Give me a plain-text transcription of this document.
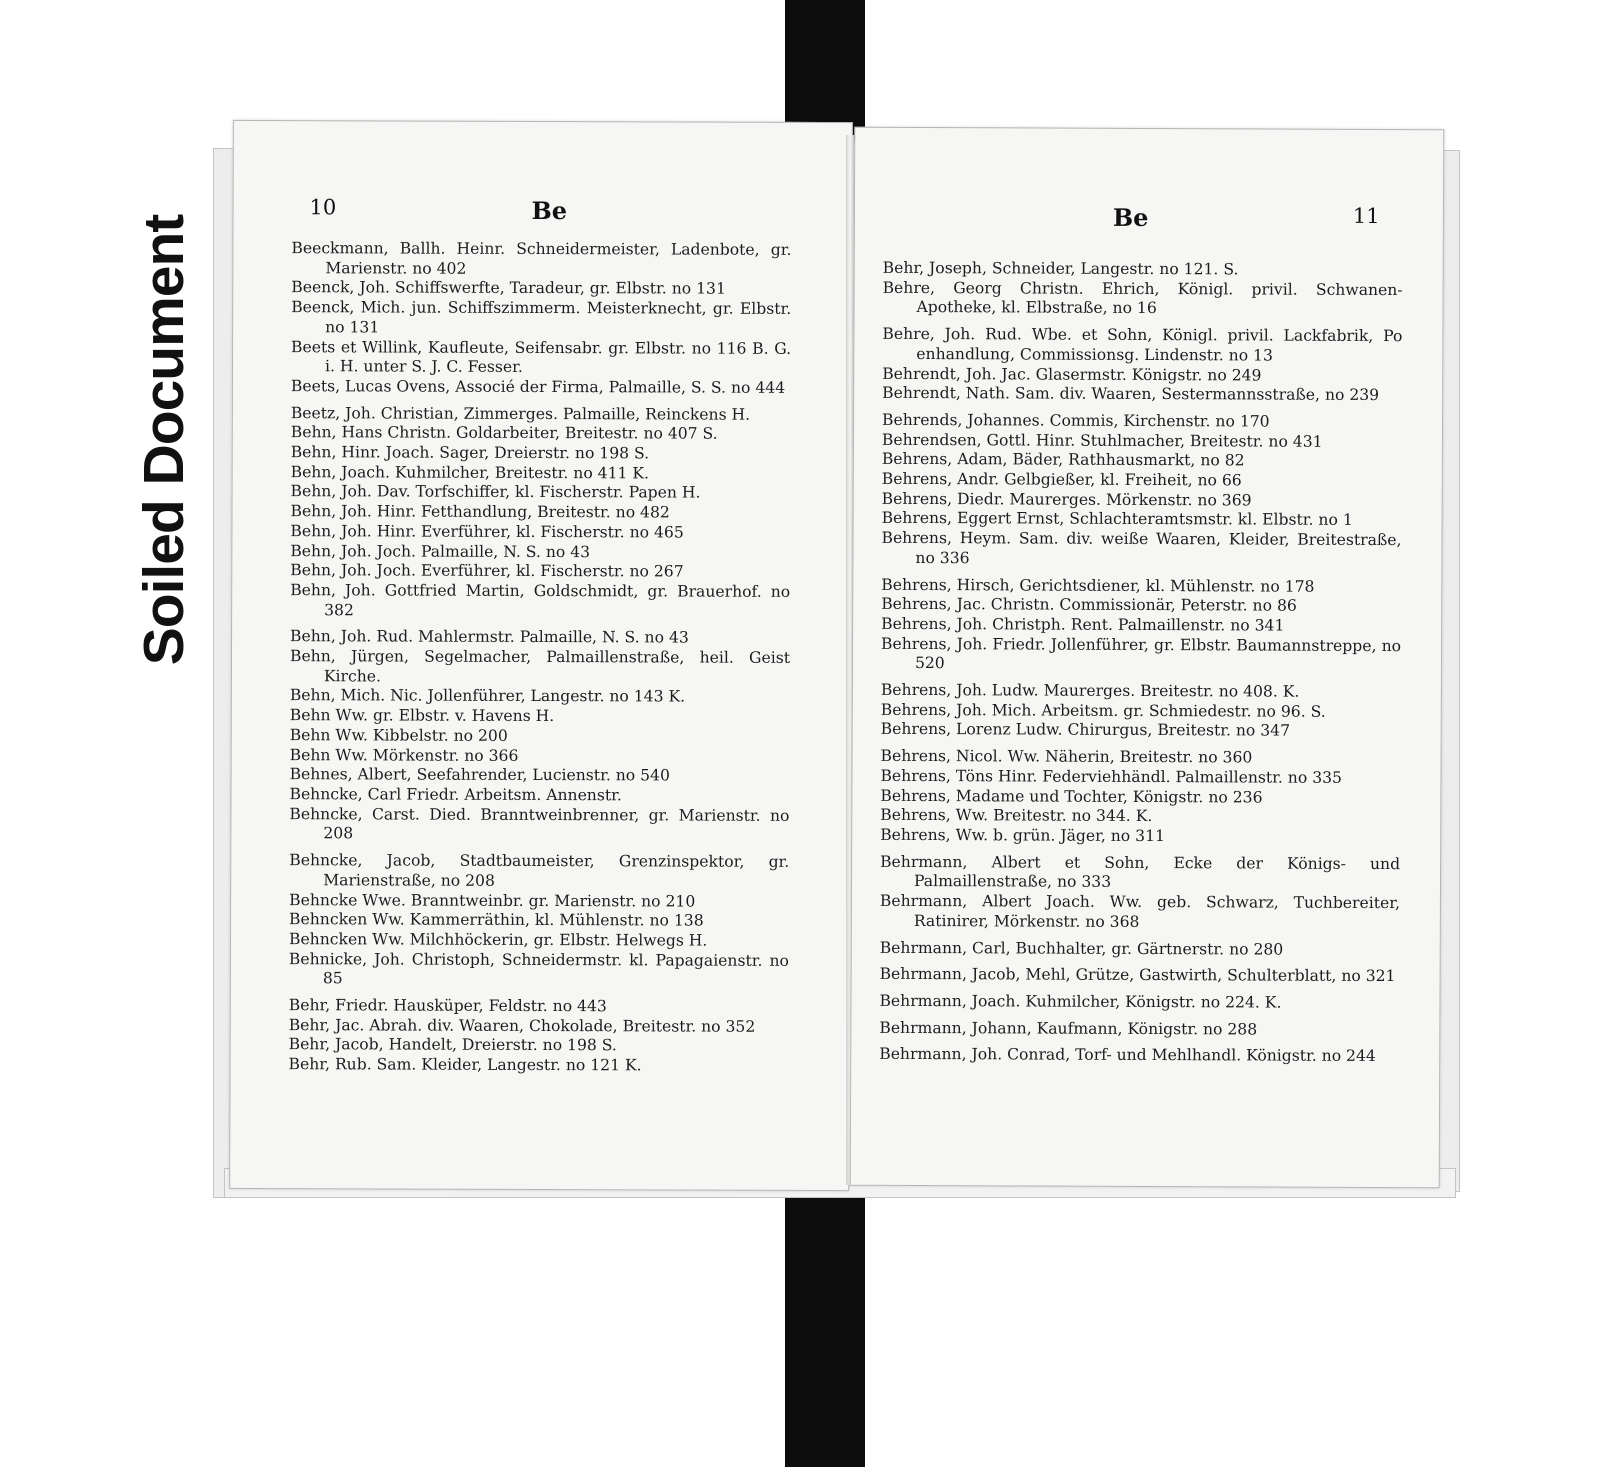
Soiled Document
10	Be
Beeckmann, Ballh. Heinr. Schneidermeister, Ladenbote, gr. Marienstr. no 402
Beenck, Joh. Schiffswerfte, Taradeur, gr. Elbstr. no 131
Beenck, Mich. jun. Schiffszimmerm. Meisterknecht, gr. Elbstr. no 131
Beets et Willink, Kaufleute, Seifensabr. gr. Elbstr. no 116 B. G. i. H. unter S. J. C. Fesser.
Beets, Lucas Ovens, Associé der Firma, Palmaille, S. S. no 444
Beetz, Joh. Christian, Zimmerges. Palmaille, Reinckens H.
Behn, Hans Christn. Goldarbeiter, Breitestr. no 407 S.
Behn, Hinr. Joach. Sager, Dreierstr. no 198 S.
Behn, Joach. Kuhmilcher, Breitestr. no 411 K.
Behn, Joh. Dav. Torfschiffer, kl. Fischerstr. Papen H.
Behn, Joh. Hinr. Fetthandlung, Breitestr. no 482
Behn, Joh. Hinr. Everführer, kl. Fischerstr. no 465
Behn, Joh. Joch. Palmaille, N. S. no 43
Behn, Joh. Joch. Everführer, kl. Fischerstr. no 267
Behn, Joh. Gottfried Martin, Goldschmidt, gr. Brauerhof. no 382
Behn, Joh. Rud. Mahlermstr. Palmaille, N. S. no 43
Behn, Jürgen, Segelmacher, Palmaillenstraße, heil. Geist Kirche.
Behn, Mich. Nic. Jollenführer, Langestr. no 143 K.
Behn Ww. gr. Elbstr. v. Havens H.
Behn Ww. Kibbelstr. no 200
Behn Ww. Mörkenstr. no 366
Behnes, Albert, Seefahrender, Lucienstr. no 540
Behncke, Carl Friedr. Arbeitsm. Annenstr.
Behncke, Carst. Died. Branntweinbrenner, gr. Marienstr. no 208
Behncke, Jacob, Stadtbaumeister, Grenzinspektor, gr. Marienstraße, no 208
Behncke Wwe. Branntweinbr. gr. Marienstr. no 210
Behncken Ww. Kammerräthin, kl. Mühlenstr. no 138
Behncken Ww. Milchhöckerin, gr. Elbstr. Helwegs H.
Behnicke, Joh. Christoph, Schneidermstr. kl. Papagaienstr. no 85
Behr, Friedr. Hausküper, Feldstr. no 443
Behr, Jac. Abrah. div. Waaren, Chokolade, Breitestr. no 352
Behr, Jacob, Handelt, Dreierstr. no 198 S.
Behr, Rub. Sam. Kleider, Langestr. no 121 K.
Be	11
Behr, Joseph, Schneider, Langestr. no 121. S.
Behre, Georg Christn. Ehrich, Königl. privil. Schwanen-Apotheke, kl. Elbstraße, no 16
Behre, Joh. Rud. Wbe. et Sohn, Königl. privil. Lackfabrik, Po enhandlung, Commissionsg. Lindenstr. no 13
Behrendt, Joh. Jac. Glasermstr. Königstr. no 249
Behrendt, Nath. Sam. div. Waaren, Sestermannsstraße, no 239
Behrends, Johannes. Commis, Kirchenstr. no 170
Behrendsen, Gottl. Hinr. Stuhlmacher, Breitestr. no 431
Behrens, Adam, Bäder, Rathhausmarkt, no 82
Behrens, Andr. Gelbgießer, kl. Freiheit, no 66
Behrens, Diedr. Maurerges. Mörkenstr. no 369
Behrens, Eggert Ernst, Schlachteramtsmstr. kl. Elbstr. no 1
Behrens, Heym. Sam. div. weiße Waaren, Kleider, Breitestraße, no 336
Behrens, Hirsch, Gerichtsdiener, kl. Mühlenstr. no 178
Behrens, Jac. Christn. Commissionär, Peterstr. no 86
Behrens, Joh. Christph. Rent. Palmaillenstr. no 341
Behrens, Joh. Friedr. Jollenführer, gr. Elbstr. Baumannstreppe, no 520
Behrens, Joh. Ludw. Maurerges. Breitestr. no 408. K.
Behrens, Joh. Mich. Arbeitsm. gr. Schmiedestr. no 96. S.
Behrens, Lorenz Ludw. Chirurgus, Breitestr. no 347
Behrens, Nicol. Ww. Näherin, Breitestr. no 360
Behrens, Töns Hinr. Federviehhändl. Palmaillenstr. no 335
Behrens, Madame und Tochter, Königstr. no 236
Behrens, Ww. Breitestr. no 344. K.
Behrens, Ww. b. grün. Jäger, no 311
Behrmann, Albert et Sohn, Ecke der Königs- und Palmaillenstraße, no 333
Behrmann, Albert Joach. Ww. geb. Schwarz, Tuchbereiter, Ratinirer, Mörkenstr. no 368
Behrmann, Carl, Buchhalter, gr. Gärtnerstr. no 280
Behrmann, Jacob, Mehl, Grütze, Gastwirth, Schulterblatt, no 321
Behrmann, Joach. Kuhmilcher, Königstr. no 224. K.
Behrmann, Johann, Kaufmann, Königstr. no 288
Behrmann, Joh. Conrad, Torf- und Mehlhandl. Königstr. no 244
